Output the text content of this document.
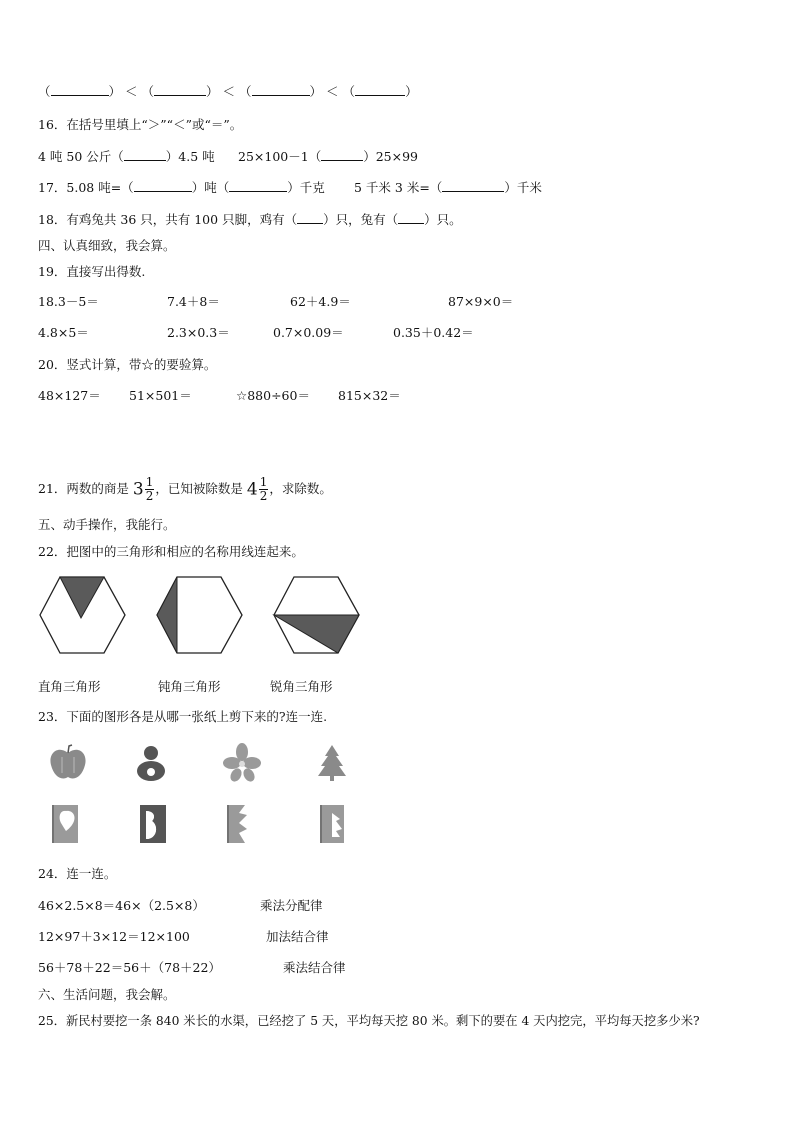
（	） ＜ （	） ＜ （	） ＜ （	）
16．在括号里填上“＞”“＜”或“＝”。
4 吨 50 公斤（	）4.5 吨 25×100－1（	）25×99
17．5.08 吨=（	）吨（	）千克 5 千米 3 米=（	）千米
18．有鸡兔共 36 只，共有 100 只脚，鸡有（ ）只，兔有（ ）只。
四、认真细致，我会算。
19．直接写出得数.
18.3－5＝	7.4＋8＝	62＋4.9＝	87×9×0＝
4.8×5＝	2.3×0.3＝	0.7×0.09＝	0.35＋0.42＝
20．竖式计算，带☆的要验算。
48×127＝ 51×501＝	☆880÷60＝ 815×32＝
21．两数的商是 $3 \frac{1}{2}$ ，已知被除数是 $4 \frac{1}{2}$ ，求除数。
五、动手操作，我能行。
22．把图中的三角形和相应的名称用线连起来。
直角三角形	钝角三角形	锐角三角形
23．下面的图形各是从哪一张纸上剪下来的?连一连.
24．连一连。
46×2.5×8＝46×（2.5×8）
12×97＋3×12＝12×100
56＋78＋22＝56＋（78＋22）
乘法分配律
加法结合律
乘法结合律
六、生活问题，我会解。
25．新民村要挖一条 840 米长的水渠，已经挖了 5 天，平均每天挖 80 米。剩下的要在 4 天内挖完，平均每天挖多少米?
